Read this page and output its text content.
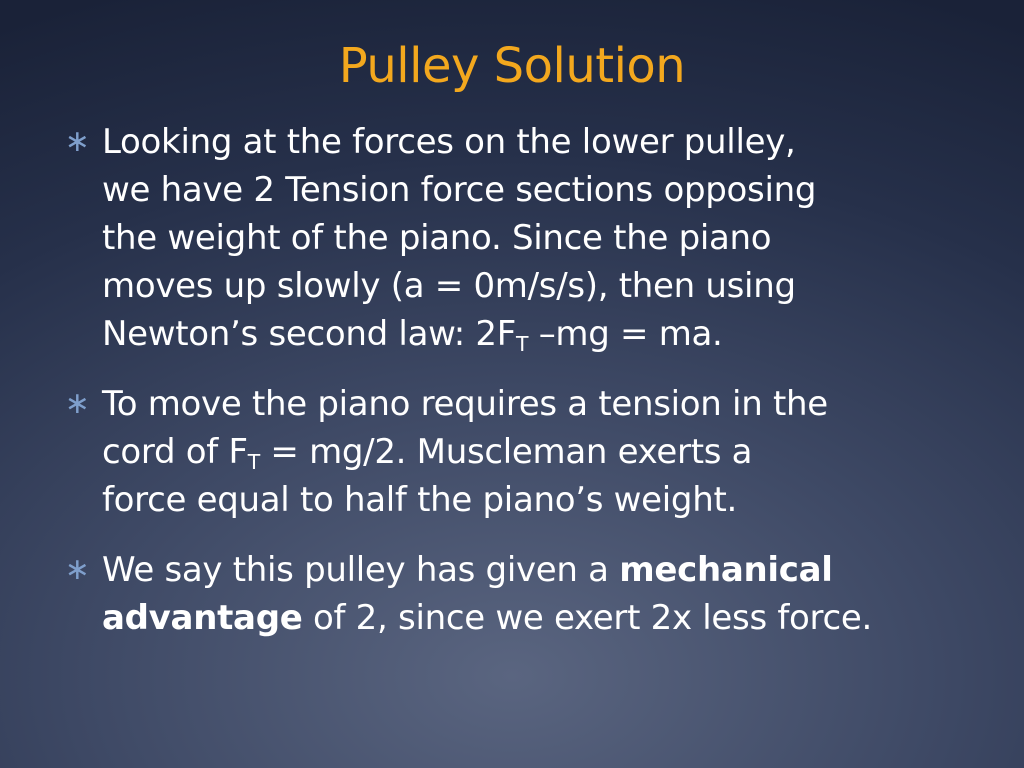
Pulley Solution
∗ Looking at the forces on the lower pulley,
we have 2 Tension force sections opposing
the weight of the piano. Since the piano
moves up slowly (a = 0m/s/s), then using
Newton’s second law: $2F_T$ –mg = ma.
∗ To move the piano requires a tension in the
cord of $F_T = mg/2$. Muscleman exerts a
force equal to half the piano’s weight.
∗ We say this pulley has given a mechanical
advantage of 2, since we exert 2x less force.
